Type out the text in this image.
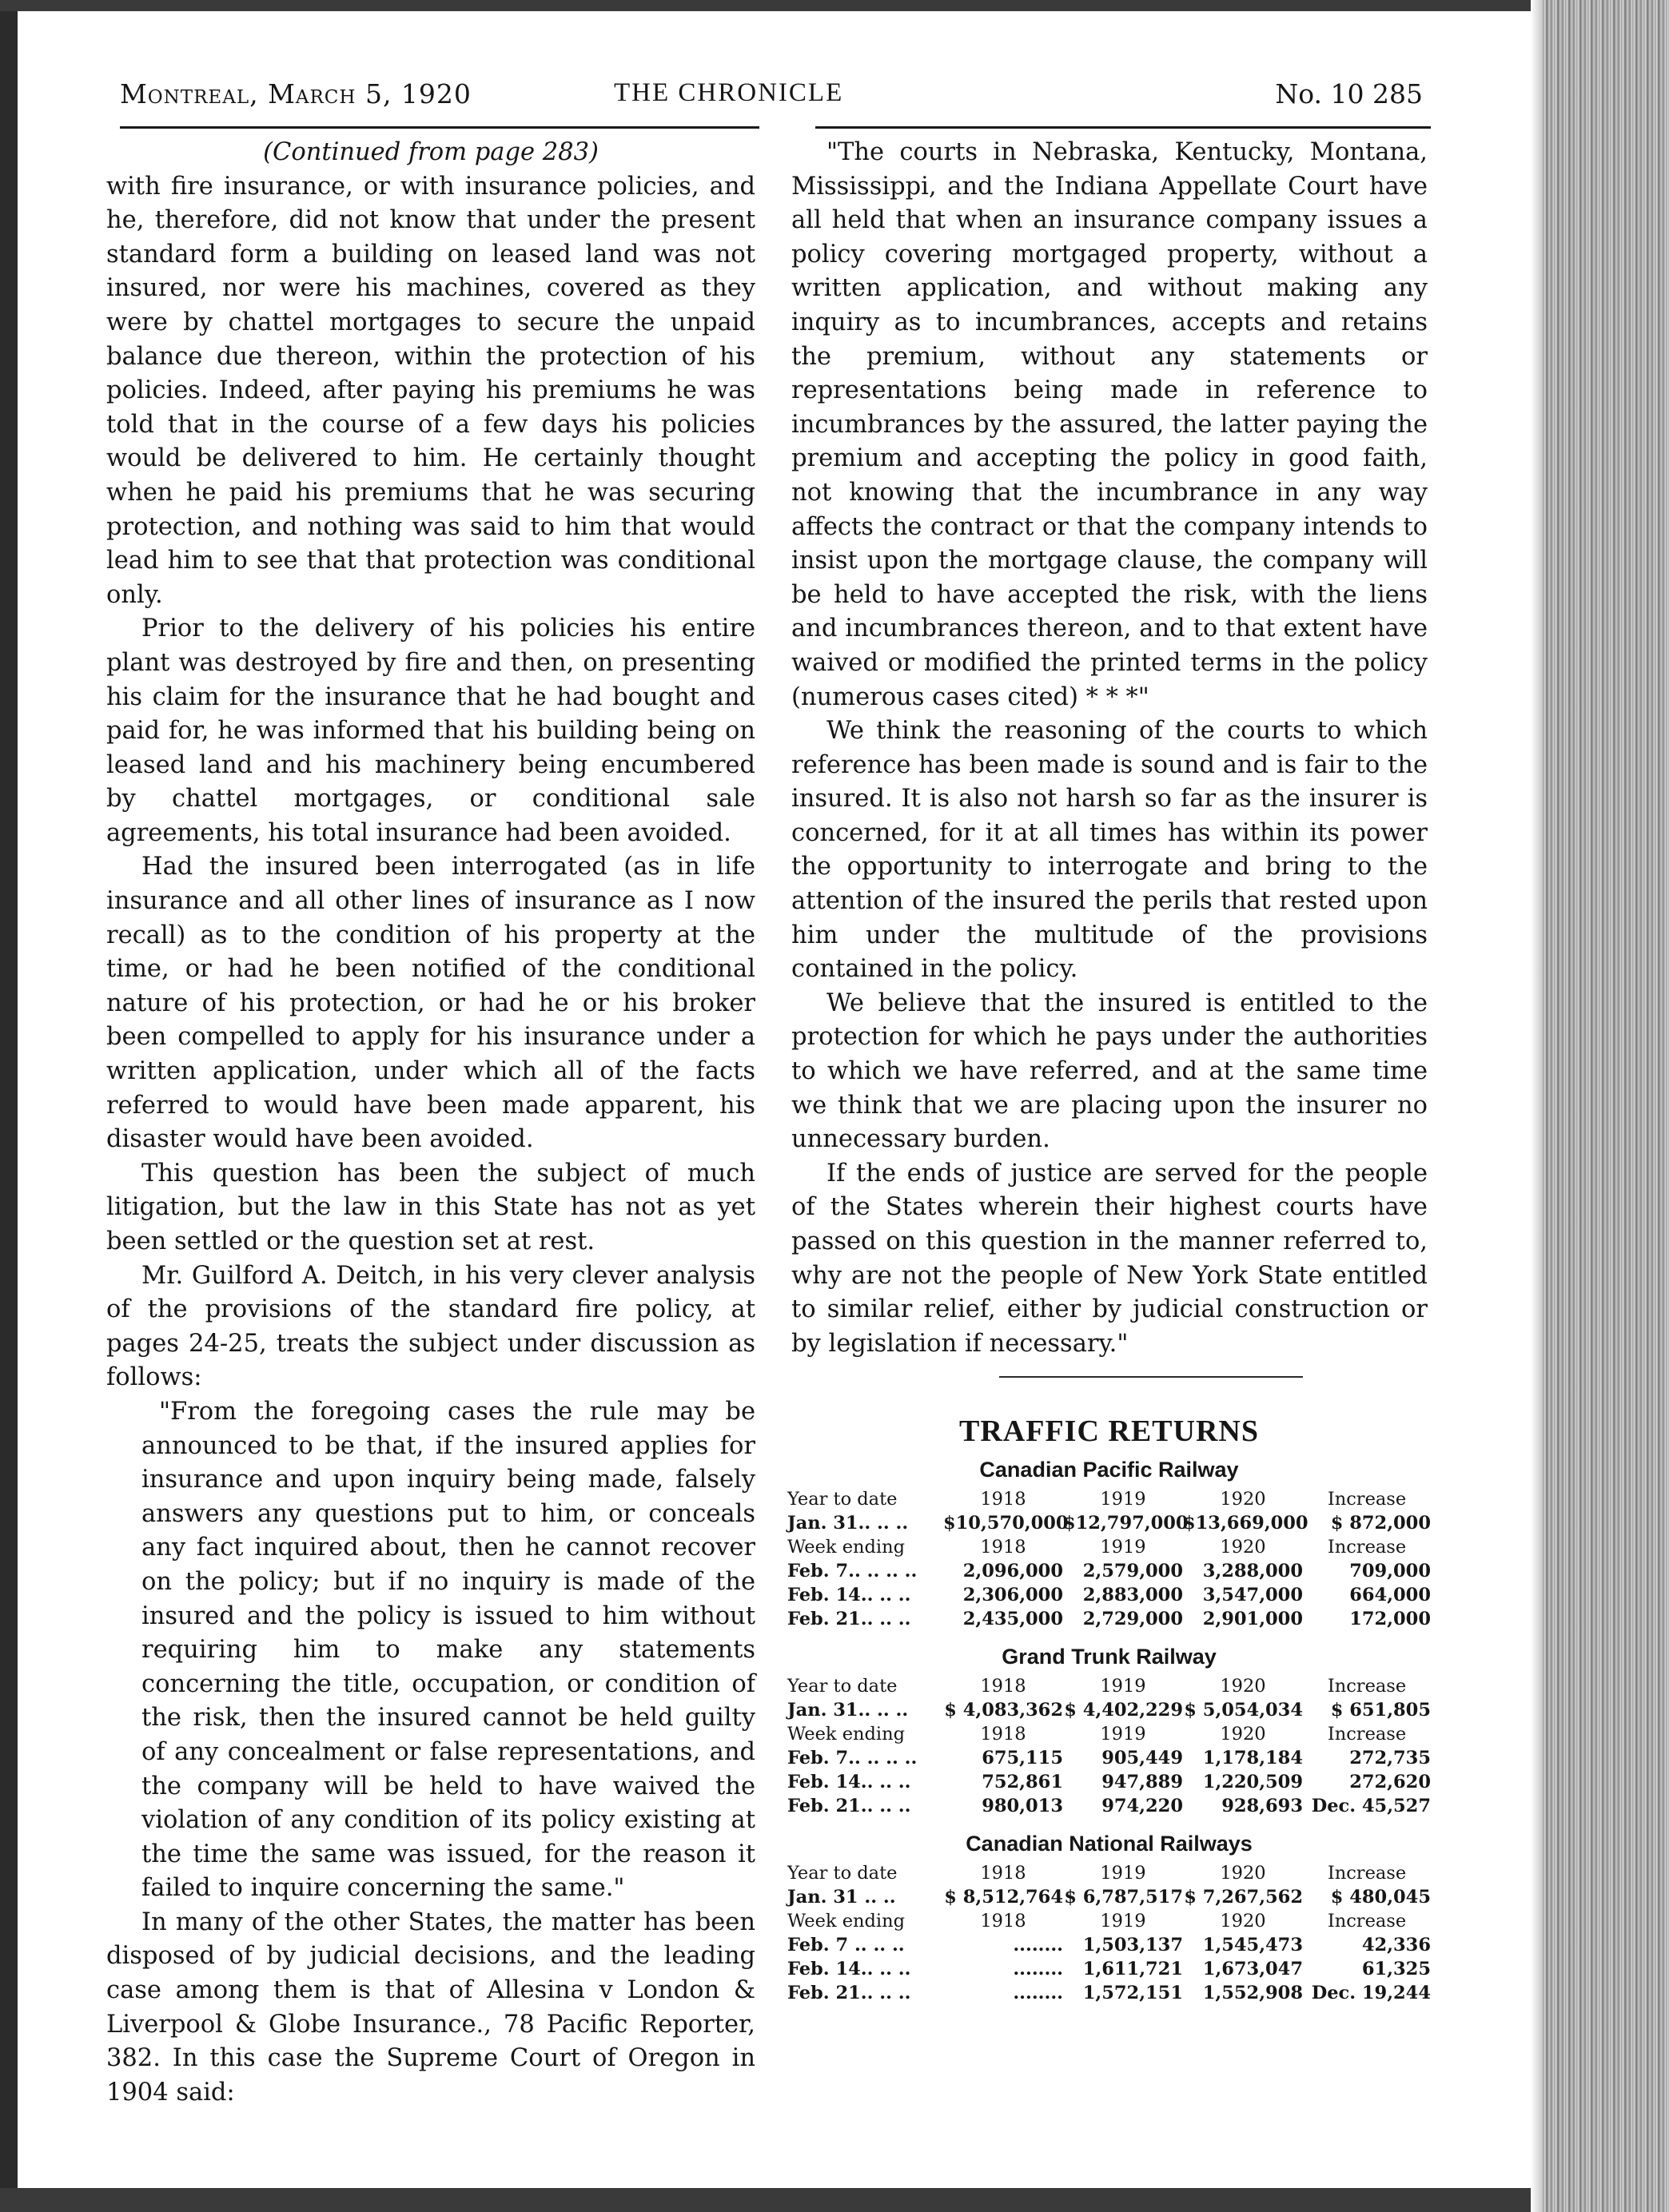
Montreal, March 5, 1920	THE CHRONICLE	No. 10 285

(Continued from page 283)

with fire insurance, or with insurance policies, and he, therefore, did not know that under the present standard form a building on leased land was not insured, nor were his machines, covered as they were by chattel mortgages to secure the unpaid balance due thereon, within the protection of his policies. Indeed, after paying his premiums he was told that in the course of a few days his policies would be delivered to him. He certainly thought when he paid his premiums that he was securing protection, and nothing was said to him that would lead him to see that that protection was conditional only.

Prior to the delivery of his policies his entire plant was destroyed by fire and then, on presenting his claim for the insurance that he had bought and paid for, he was informed that his building being on leased land and his machinery being encumbered by chattel mortgages, or conditional sale agreements, his total insurance had been avoided.

Had the insured been interrogated (as in life insurance and all other lines of insurance as I now recall) as to the condition of his property at the time, or had he been notified of the conditional nature of his protection, or had he or his broker been compelled to apply for his insurance under a written application, under which all of the facts referred to would have been made apparent, his disaster would have been avoided.

This question has been the subject of much litigation, but the law in this State has not as yet been settled or the question set at rest.

Mr. Guilford A. Deitch, in his very clever analysis of the provisions of the standard fire policy, at pages 24-25, treats the subject under discussion as follows:

"From the foregoing cases the rule may be announced to be that, if the insured applies for insurance and upon inquiry being made, falsely answers any questions put to him, or conceals any fact inquired about, then he cannot recover on the policy; but if no inquiry is made of the insured and the policy is issued to him without requiring him to make any statements concerning the title, occupation, or condition of the risk, then the insured cannot be held guilty of any concealment or false representations, and the company will be held to have waived the violation of any condition of its policy existing at the time the same was issued, for the reason it failed to inquire concerning the same."

In many of the other States, the matter has been disposed of by judicial decisions, and the leading case among them is that of Allesina v London & Liverpool & Globe Insurance., 78 Pacific Reporter, 382. In this case the Supreme Court of Oregon in 1904 said:

"The courts in Nebraska, Kentucky, Montana, Mississippi, and the Indiana Appellate Court have all held that when an insurance company issues a policy covering mortgaged property, without a written application, and without making any inquiry as to incumbrances, accepts and retains the premium, without any statements or representations being made in reference to incumbrances by the assured, the latter paying the premium and accepting the policy in good faith, not knowing that the incumbrance in any way affects the contract or that the company intends to insist upon the mortgage clause, the company will be held to have accepted the risk, with the liens and incumbrances thereon, and to that extent have waived or modified the printed terms in the policy (numerous cases cited) * * *"

We think the reasoning of the courts to which reference has been made is sound and is fair to the insured. It is also not harsh so far as the insurer is concerned, for it at all times has within its power the opportunity to interrogate and bring to the attention of the insured the perils that rested upon him under the multitude of the provisions contained in the policy.

We believe that the insured is entitled to the protection for which he pays under the authorities to which we have referred, and at the same time we think that we are placing upon the insurer no unnecessary burden.

If the ends of justice are served for the people of the States wherein their highest courts have passed on this question in the manner referred to, why are not the people of New York State entitled to similar relief, either by judicial construction or by legislation if necessary."

TRAFFIC RETURNS
Canadian Pacific Railway
Year to date	1918	1919	1920	Increase
Jan. 31.. .. ..	$10,570,000	$12,797,000	$13,669,000	$ 872,000
Week ending	1918	1919	1920	Increase
Feb. 7.. .. .. ..	2,096,000	2,579,000	3,288,000	709,000
Feb. 14.. .. ..	2,306,000	2,883,000	3,547,000	664,000
Feb. 21.. .. ..	2,435,000	2,729,000	2,901,000	172,000
Grand Trunk Railway
Year to date	1918	1919	1920	Increase
Jan. 31.. .. ..	$ 4,083,362	$ 4,402,229	$ 5,054,034	$ 651,805
Week ending	1918	1919	1920	Increase
Feb. 7.. .. .. ..	675,115	905,449	1,178,184	272,735
Feb. 14.. .. ..	752,861	947,889	1,220,509	272,620
Feb. 21.. .. ..	980,013	974,220	928,693	Dec. 45,527
Canadian National Railways
Year to date	1918	1919	1920	Increase
Jan. 31 .. ..	$ 8,512,764	$ 6,787,517	$ 7,267,562	$ 480,045
Week ending	1918	1919	1920	Increase
Feb. 7 .. .. ..	........	1,503,137	1,545,473	42,336
Feb. 14.. .. ..	........	1,611,721	1,673,047	61,325
Feb. 21.. .. ..	........	1,572,151	1,552,908	Dec. 19,244
